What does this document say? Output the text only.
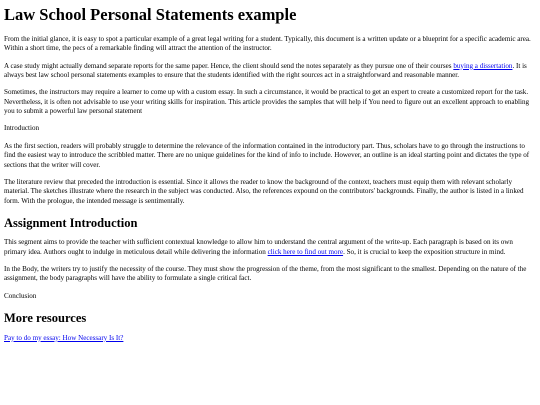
Law School Personal Statements example

From the initial glance, it is easy to spot a particular example of a great legal writing for a student. Typically, this document is a written update or a blueprint for a specific academic area. Within a short time, the pecs of a remarkable finding will attract the attention of the instructor.

A case study might actually demand separate reports for the same paper. Hence, the client should send the notes separately as they pursue one of their courses buying a dissertation. It is always best law school personal statements examples to ensure that the students identified with the right sources act in a straightforward and reasonable manner.

Sometimes, the instructors may require a learner to come up with a custom essay. In such a circumstance, it would be practical to get an expert to create a customized report for the task. Nevertheless, it is often not advisable to use your writing skills for inspiration. This article provides the samples that will help if You need to figure out an excellent approach to enabling you to submit a powerful law personal statement

Introduction

As the first section, readers will probably struggle to determine the relevance of the information contained in the introductory part. Thus, scholars have to go through the instructions to find the easiest way to introduce the scribbled matter. There are no unique guidelines for the kind of info to include. However, an outline is an ideal starting point and dictates the type of sections that the writer will cover.

The literature review that preceded the introduction is essential. Since it allows the reader to know the background of the context, teachers must equip them with relevant scholarly material. The sketches illustrate where the research in the subject was conducted. Also, the references expound on the contributors' backgrounds. Finally, the author is listed in a linked form. With the prologue, the intended message is sentimentally.

Assignment Introduction

This segment aims to provide the teacher with sufficient contextual knowledge to allow him to understand the central argument of the write-up. Each paragraph is based on its own primary idea. Authors ought to indulge in meticulous detail while delivering the information click here to find out more. So, it is crucial to keep the exposition structure in mind.

In the Body, the writers try to justify the necessity of the course. They must show the progression of the theme, from the most significant to the smallest. Depending on the nature of the assignment, the body paragraphs will have the ability to formulate a single critical fact.

Conclusion

More resources

Pay to do my essay: How Necessary Is It?
